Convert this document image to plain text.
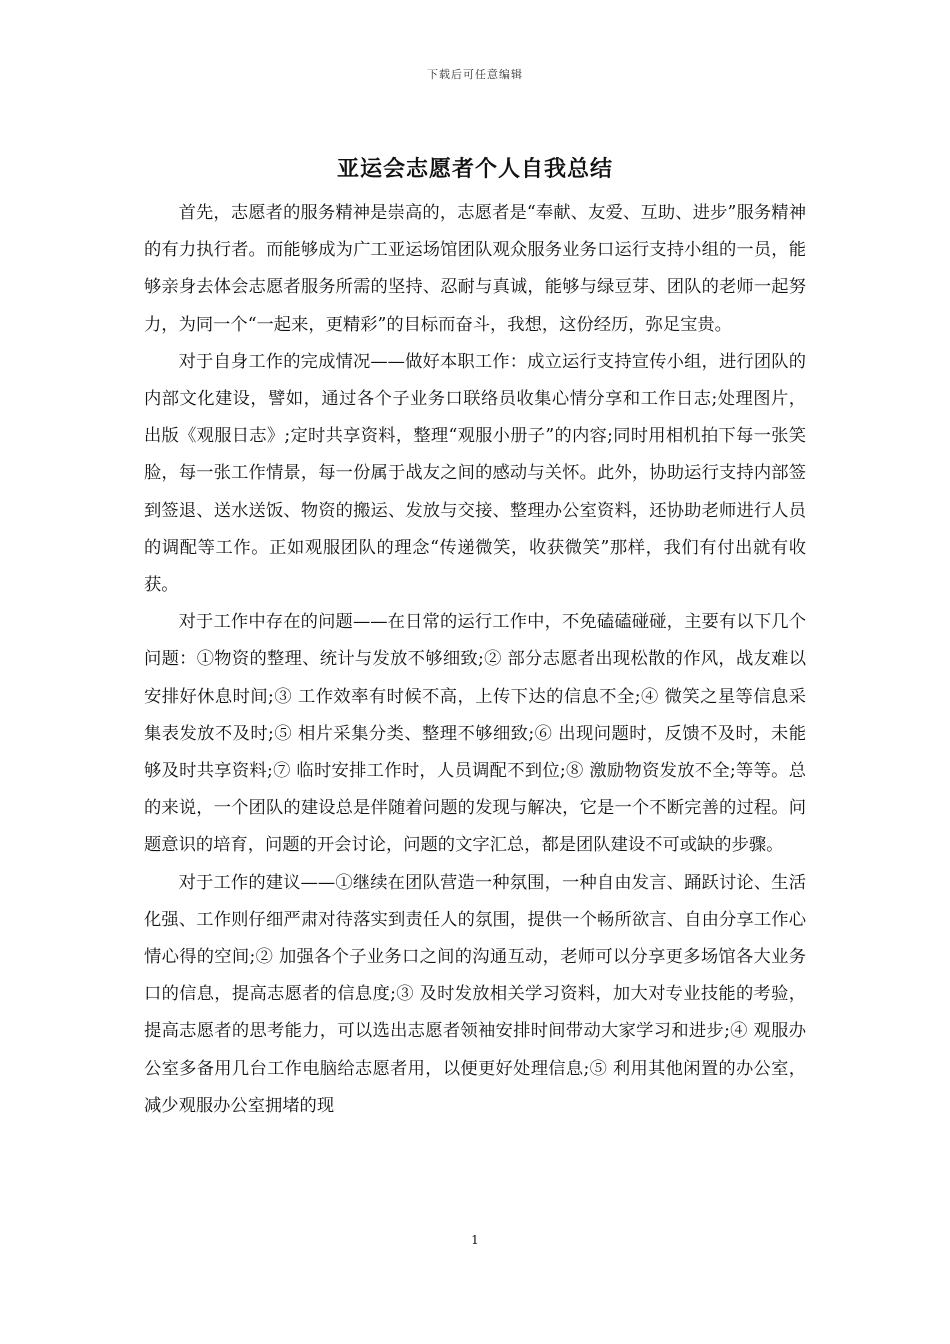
下载后可任意编辑
亚运会志愿者个人自我总结

首先，志愿者的服务精神是崇高的，志愿者是“奉献、友爱、互助、进步”服务精神的有力执行者。而能够成为广工亚运场馆团队观众服务业务口运行支持小组的一员，能够亲身去体会志愿者服务所需的坚持、忍耐与真诚，能够与绿豆芽、团队的老师一起努力，为同一个“一起来，更精彩”的目标而奋斗，我想，这份经历，弥足宝贵。

对于自身工作的完成情况——做好本职工作：成立运行支持宣传小组，进行团队的内部文化建设，譬如，通过各个子业务口联络员收集心情分享和工作日志;处理图片，出版《观服日志》;定时共享资料，整理“观服小册子”的内容;同时用相机拍下每一张笑脸，每一张工作情景，每一份属于战友之间的感动与关怀。此外，协助运行支持内部签到签退、送水送饭、物资的搬运、发放与交接、整理办公室资料，还协助老师进行人员的调配等工作。正如观服团队的理念“传递微笑，收获微笑”那样，我们有付出就有收获。

对于工作中存在的问题——在日常的运行工作中，不免磕磕碰碰，主要有以下几个问题：①物资的整理、统计与发放不够细致;② 部分志愿者出现松散的作风，战友难以安排好休息时间;③ 工作效率有时候不高，上传下达的信息不全;④ 微笑之星等信息采集表发放不及时;⑤ 相片采集分类、整理不够细致;⑥ 出现问题时，反馈不及时，未能够及时共享资料;⑦ 临时安排工作时，人员调配不到位;⑧ 激励物资发放不全;等等。总的来说，一个团队的建设总是伴随着问题的发现与解决，它是一个不断完善的过程。问题意识的培育，问题的开会讨论，问题的文字汇总，都是团队建设不可或缺的步骤。

对于工作的建议——①继续在团队营造一种氛围，一种自由发言、踊跃讨论、生活化强、工作则仔细严肃对待落实到责任人的氛围，提供一个畅所欲言、自由分享工作心情心得的空间;② 加强各个子业务口之间的沟通互动，老师可以分享更多场馆各大业务口的信息，提高志愿者的信息度;③ 及时发放相关学习资料，加大对专业技能的考验，提高志愿者的思考能力，可以选出志愿者领袖安排时间带动大家学习和进步;④ 观服办公室多备用几台工作电脑给志愿者用，以便更好处理信息;⑤ 利用其他闲置的办公室，减少观服办公室拥堵的现

1
